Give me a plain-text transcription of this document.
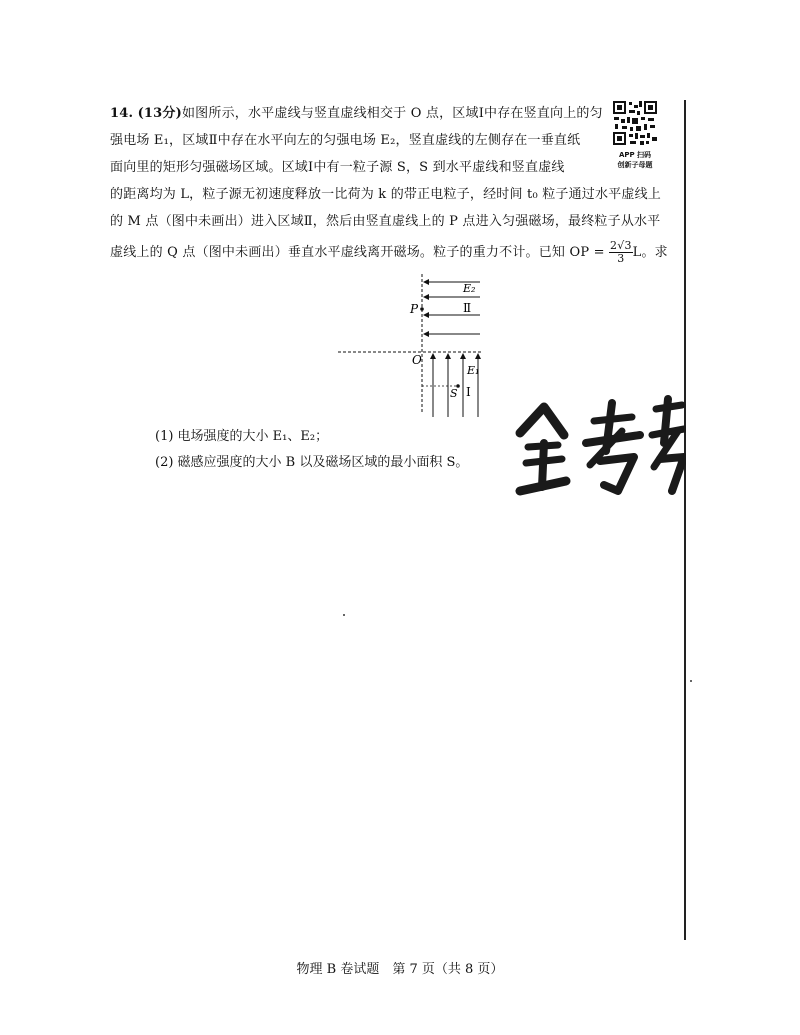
14. (13分)如图所示，水平虚线与竖直虚线相交于 O 点，区域Ⅰ中存在竖直向上的匀
强电场 E₁，区域Ⅱ中存在水平向左的匀强电场 E₂，竖直虚线的左侧存在一垂直纸
面向里的矩形匀强磁场区域。区域Ⅰ中有一粒子源 S，S 到水平虚线和竖直虚线
的距离均为 L，粒子源无初速度释放一比荷为 k 的带正电粒子，经时间 t₀ 粒子通过水平虚线上
的 M 点（图中未画出）进入区域Ⅱ，然后由竖直虚线上的 P 点进入匀强磁场，最终粒子从水平
虚线上的 Q 点（图中未画出）垂直水平虚线离开磁场。粒子的重力不计。已知 OP = $\frac{2√3}{3}$ L。求
APP 扫码
创新子母题
E₂
Ⅱ
P
O
E₁
S Ⅰ
(1) 电场强度的大小 E₁、E₂；
(2) 磁感应强度的大小 B 以及磁场区域的最小面积 S。
金考卷
物理 B 卷试题　第 7 页（共 8 页）
